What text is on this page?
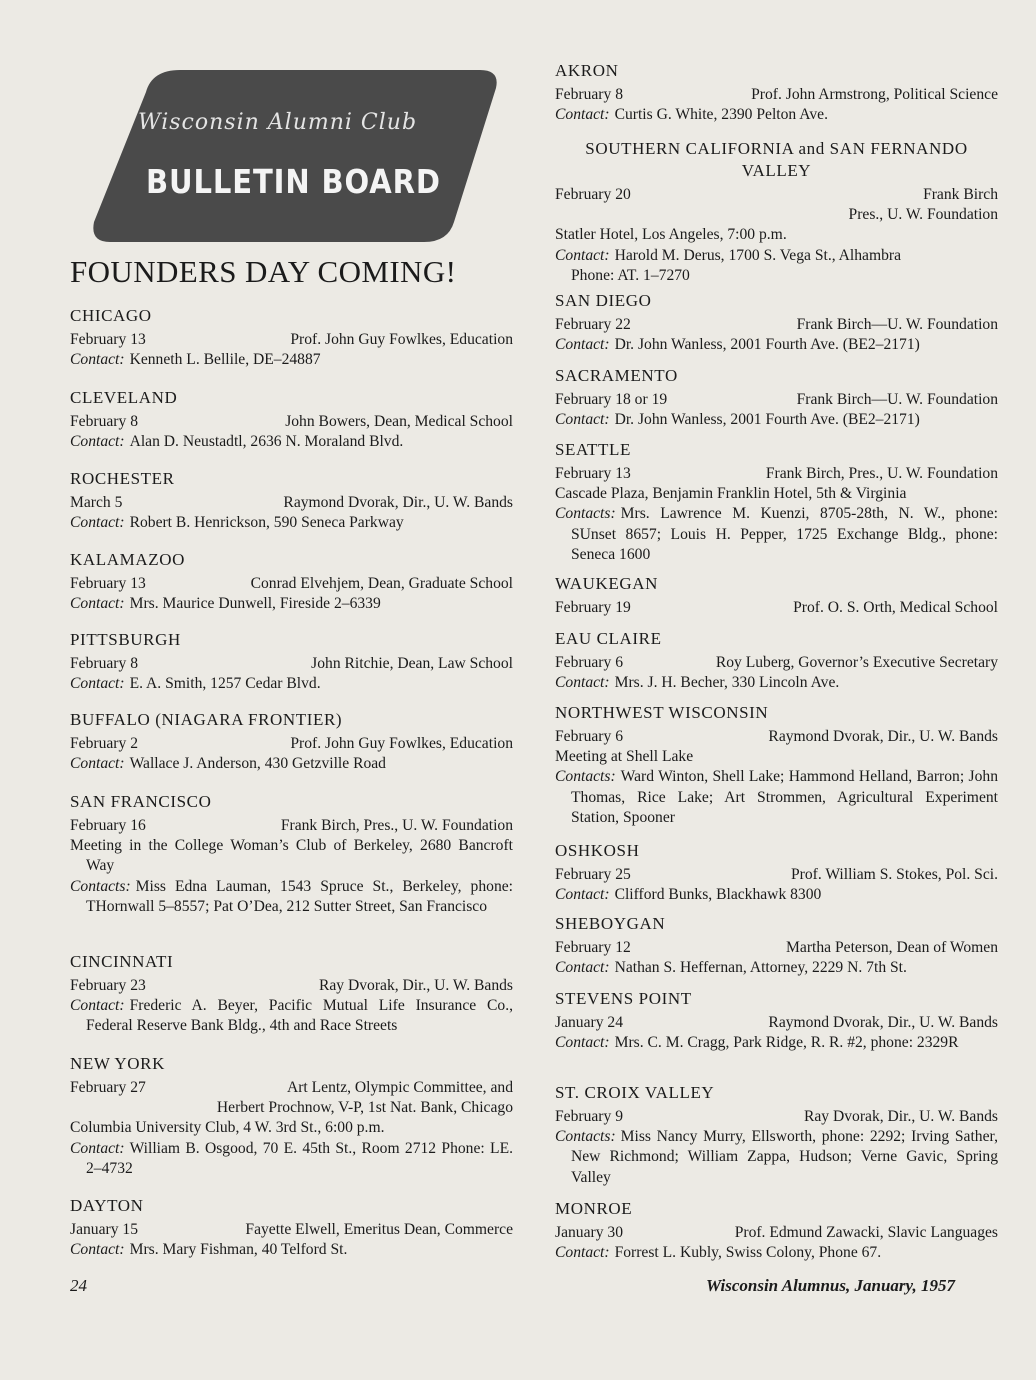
Wisconsin Alumni Club
BULLETIN BOARD
FOUNDERS DAY COMING!
CHICAGO
February 13	Prof. John Guy Fowlkes, Education
Contact: Kenneth L. Bellile, DE–24887
CLEVELAND
February 8	John Bowers, Dean, Medical School
Contact: Alan D. Neustadtl, 2636 N. Moraland Blvd.
ROCHESTER
March 5	Raymond Dvorak, Dir., U. W. Bands
Contact: Robert B. Henrickson, 590 Seneca Parkway
KALAMAZOO
February 13	Conrad Elvehjem, Dean, Graduate School
Contact: Mrs. Maurice Dunwell, Fireside 2–6339
PITTSBURGH
February 8	John Ritchie, Dean, Law School
Contact: E. A. Smith, 1257 Cedar Blvd.
BUFFALO (NIAGARA FRONTIER)
February 2	Prof. John Guy Fowlkes, Education
Contact: Wallace J. Anderson, 430 Getzville Road
SAN FRANCISCO
February 16	Frank Birch, Pres., U. W. Foundation
Meeting in the College Woman’s Club of Berkeley, 2680 Bancroft Way
Contacts: Miss Edna Lauman, 1543 Spruce St., Berkeley, phone: THornwall 5–8557; Pat O’Dea, 212 Sutter Street, San Francisco
CINCINNATI
February 23	Ray Dvorak, Dir., U. W. Bands
Contact: Frederic A. Beyer, Pacific Mutual Life Insurance Co., Federal Reserve Bank Bldg., 4th and Race Streets
NEW YORK
February 27	Art Lentz, Olympic Committee, and
Herbert Prochnow, V-P, 1st Nat. Bank, Chicago
Columbia University Club, 4 W. 3rd St., 6:00 p.m.
Contact: William B. Osgood, 70 E. 45th St., Room 2712 Phone: LE. 2–4732
DAYTON
January 15	Fayette Elwell, Emeritus Dean, Commerce
Contact: Mrs. Mary Fishman, 40 Telford St.
AKRON
February 8	Prof. John Armstrong, Political Science
Contact: Curtis G. White, 2390 Pelton Ave.
SOUTHERN CALIFORNIA and SAN FERNANDO VALLEY
February 20	Frank Birch
Pres., U. W. Foundation
Statler Hotel, Los Angeles, 7:00 p.m.
Contact: Harold M. Derus, 1700 S. Vega St., Alhambra
Phone: AT. 1–7270
SAN DIEGO
February 22	Frank Birch—U. W. Foundation
Contact: Dr. John Wanless, 2001 Fourth Ave. (BE2–2171)
SACRAMENTO
February 18 or 19	Frank Birch—U. W. Foundation
Contact: Dr. John Wanless, 2001 Fourth Ave. (BE2–2171)
SEATTLE
February 13	Frank Birch, Pres., U. W. Foundation
Cascade Plaza, Benjamin Franklin Hotel, 5th & Virginia
Contacts: Mrs. Lawrence M. Kuenzi, 8705-28th, N. W., phone: SUnset 8657; Louis H. Pepper, 1725 Exchange Bldg., phone: Seneca 1600
WAUKEGAN
February 19	Prof. O. S. Orth, Medical School
EAU CLAIRE
February 6	Roy Luberg, Governor’s Executive Secretary
Contact: Mrs. J. H. Becher, 330 Lincoln Ave.
NORTHWEST WISCONSIN
February 6	Raymond Dvorak, Dir., U. W. Bands
Meeting at Shell Lake
Contacts: Ward Winton, Shell Lake; Hammond Helland, Barron; John Thomas, Rice Lake; Art Strommen, Agricultural Experiment Station, Spooner
OSHKOSH
February 25	Prof. William S. Stokes, Pol. Sci.
Contact: Clifford Bunks, Blackhawk 8300
SHEBOYGAN
February 12	Martha Peterson, Dean of Women
Contact: Nathan S. Heffernan, Attorney, 2229 N. 7th St.
STEVENS POINT
January 24	Raymond Dvorak, Dir., U. W. Bands
Contact: Mrs. C. M. Cragg, Park Ridge, R. R. #2, phone: 2329R
ST. CROIX VALLEY
February 9	Ray Dvorak, Dir., U. W. Bands
Contacts: Miss Nancy Murry, Ellsworth, phone: 2292; Irving Sather, New Richmond; William Zappa, Hudson; Verne Gavic, Spring Valley
MONROE
January 30	Prof. Edmund Zawacki, Slavic Languages
Contact: Forrest L. Kubly, Swiss Colony, Phone 67.
24	Wisconsin Alumnus, January, 1957
